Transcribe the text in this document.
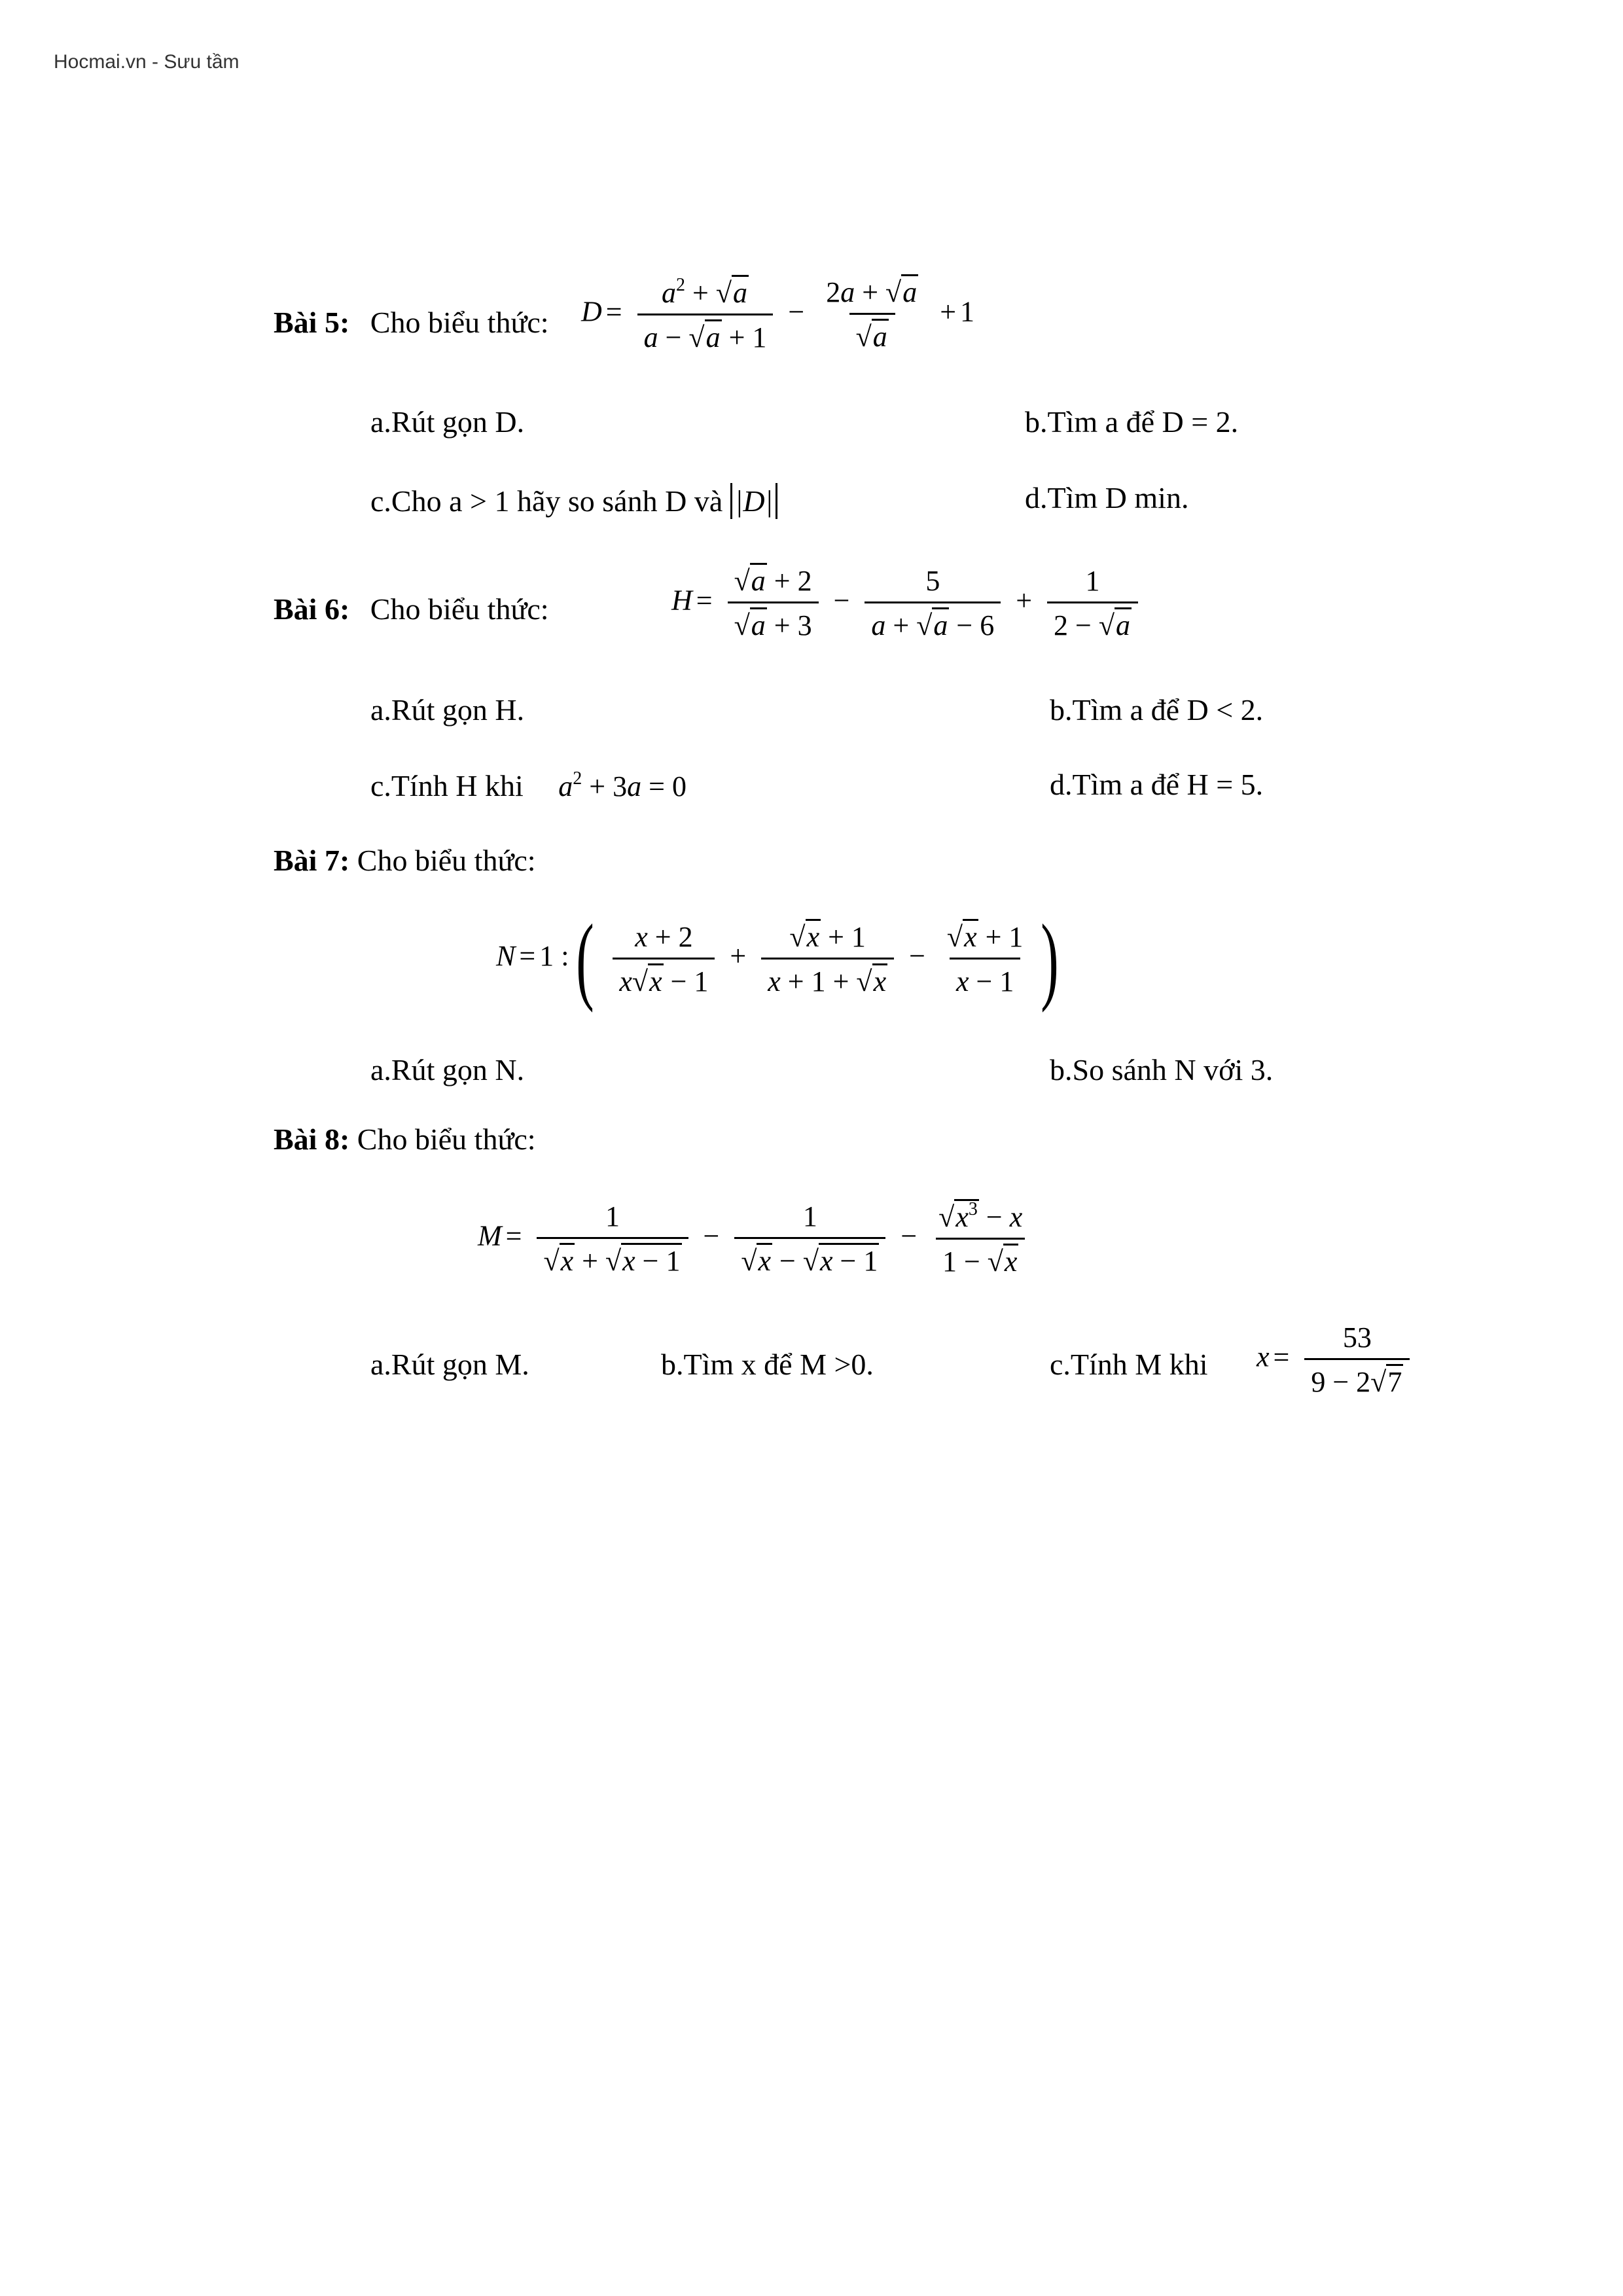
Hocmai.vn - Sưu tầm
Bài 5: Cho biểu thức: $D = \frac{a^2 + √a}{a - √a + 1} - \frac{2a + √a}{√a} + 1$
a.Rút gọn D.	b.Tìm a để D = 2.
c.Cho a > 1 hãy so sánh D và |D|	d.Tìm D min.
Bài 6: Cho biểu thức:	$H = \frac{√a + 2}{√a + 3} - \frac{5}{a + √a - 6} + \frac{1}{2 - √a}$
a.Rút gọn H.	b.Tìm a để D < 2.
c.Tính H khi $a^2 + 3a = 0$	d.Tìm a để H = 5.
Bài 7: Cho biểu thức:
N = 1 :( $\frac{x + 2}{x√x - 1} + \frac{√x + 1}{x + 1 + √x} - \frac{√x + 1}{x - 1}$ )
a.Rút gọn N.	b.So sánh N với 3.
Bài 8: Cho biểu thức:
$M = \frac{1}{√x + √x - 1} - \frac{1}{√x - √x - 1} - \frac{√x^3 - x}{1 - √x}$
a.Rút gọn M.	b.Tìm x để M >0.	c.Tính M khi $x = \frac{53}{9 - 2√7}$
